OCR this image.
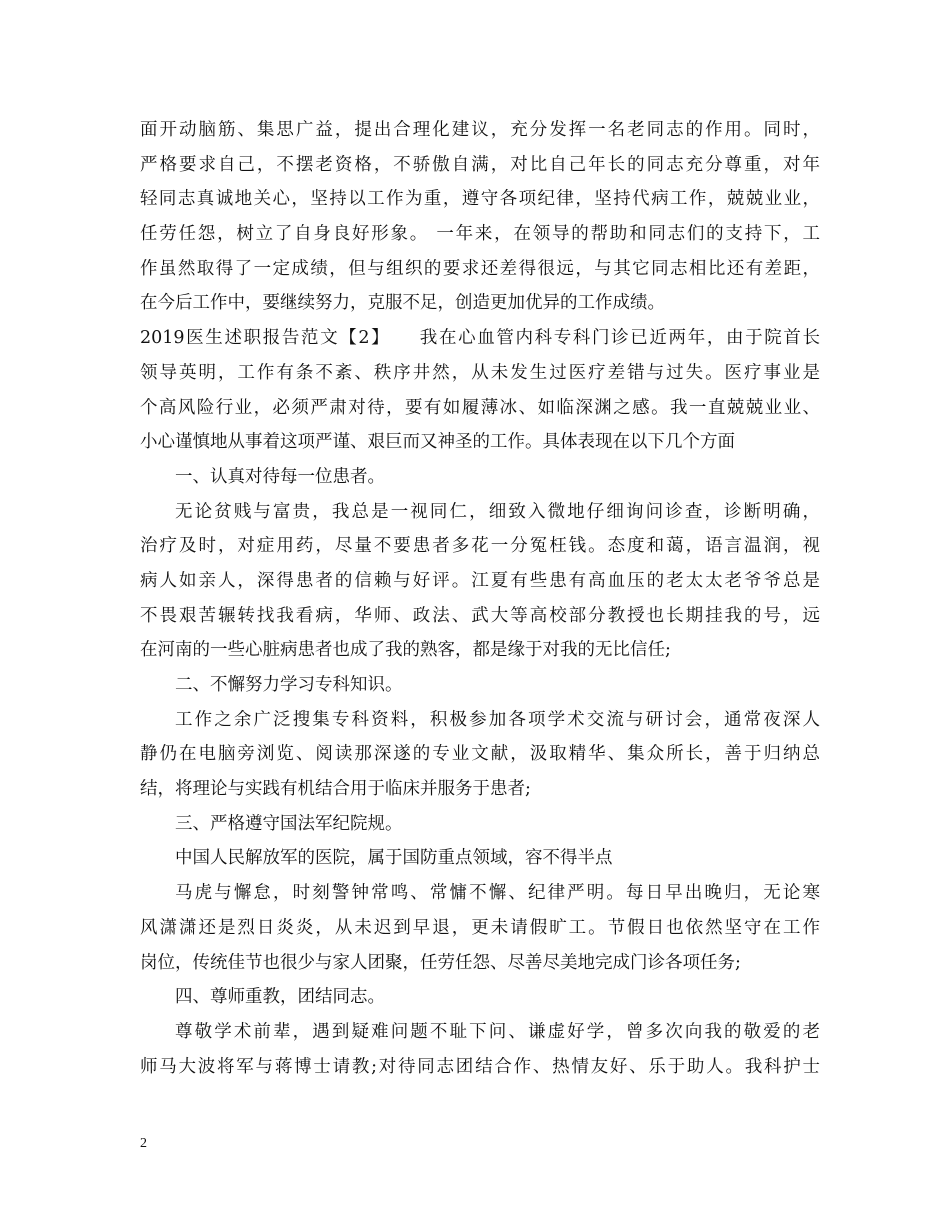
面开动脑筋、集思广益，提出合理化建议，充分发挥一名老同志的作用。同时，
严格要求自己，不摆老资格，不骄傲自满，对比自己年长的同志充分尊重，对年
轻同志真诚地关心，坚持以工作为重，遵守各项纪律，坚持代病工作，兢兢业业，
任劳任怨，树立了自身良好形象。 一年来，在领导的帮助和同志们的支持下，工
作虽然取得了一定成绩，但与组织的要求还差得很远，与其它同志相比还有差距，
在今后工作中，要继续努力，克服不足，创造更加优异的工作成绩。
2019医生述职报告范文【2】　　我在心血管内科专科门诊已近两年，由于院首长
领导英明，工作有条不紊、秩序井然，从未发生过医疗差错与过失。医疗事业是
个高风险行业，必须严肃对待，要有如履薄冰、如临深渊之感。我一直兢兢业业、
小心谨慎地从事着这项严谨、艰巨而又神圣的工作。具体表现在以下几个方面
一、认真对待每一位患者。
无论贫贱与富贵，我总是一视同仁，细致入微地仔细询问诊查，诊断明确，
治疗及时，对症用药，尽量不要患者多花一分冤枉钱。态度和蔼，语言温润，视
病人如亲人，深得患者的信赖与好评。江夏有些患有高血压的老太太老爷爷总是
不畏艰苦辗转找我看病，华师、政法、武大等高校部分教授也长期挂我的号，远
在河南的一些心脏病患者也成了我的熟客，都是缘于对我的无比信任;
二、不懈努力学习专科知识。
工作之余广泛搜集专科资料，积极参加各项学术交流与研讨会，通常夜深人
静仍在电脑旁浏览、阅读那深遂的专业文献，汲取精华、集众所长，善于归纳总
结，将理论与实践有机结合用于临床并服务于患者;
三、严格遵守国法军纪院规。
中国人民解放军的医院，属于国防重点领域，容不得半点
马虎与懈怠，时刻警钟常鸣、常慵不懈、纪律严明。每日早出晚归，无论寒
风潇潇还是烈日炎炎，从未迟到早退，更未请假旷工。节假日也依然坚守在工作
岗位，传统佳节也很少与家人团聚，任劳任怨、尽善尽美地完成门诊各项任务;
四、尊师重教，团结同志。
尊敬学术前辈，遇到疑难问题不耻下问、谦虚好学，曾多次向我的敬爱的老
师马大波将军与蒋博士请教;对待同志团结合作、热情友好、乐于助人。我科护士
2
